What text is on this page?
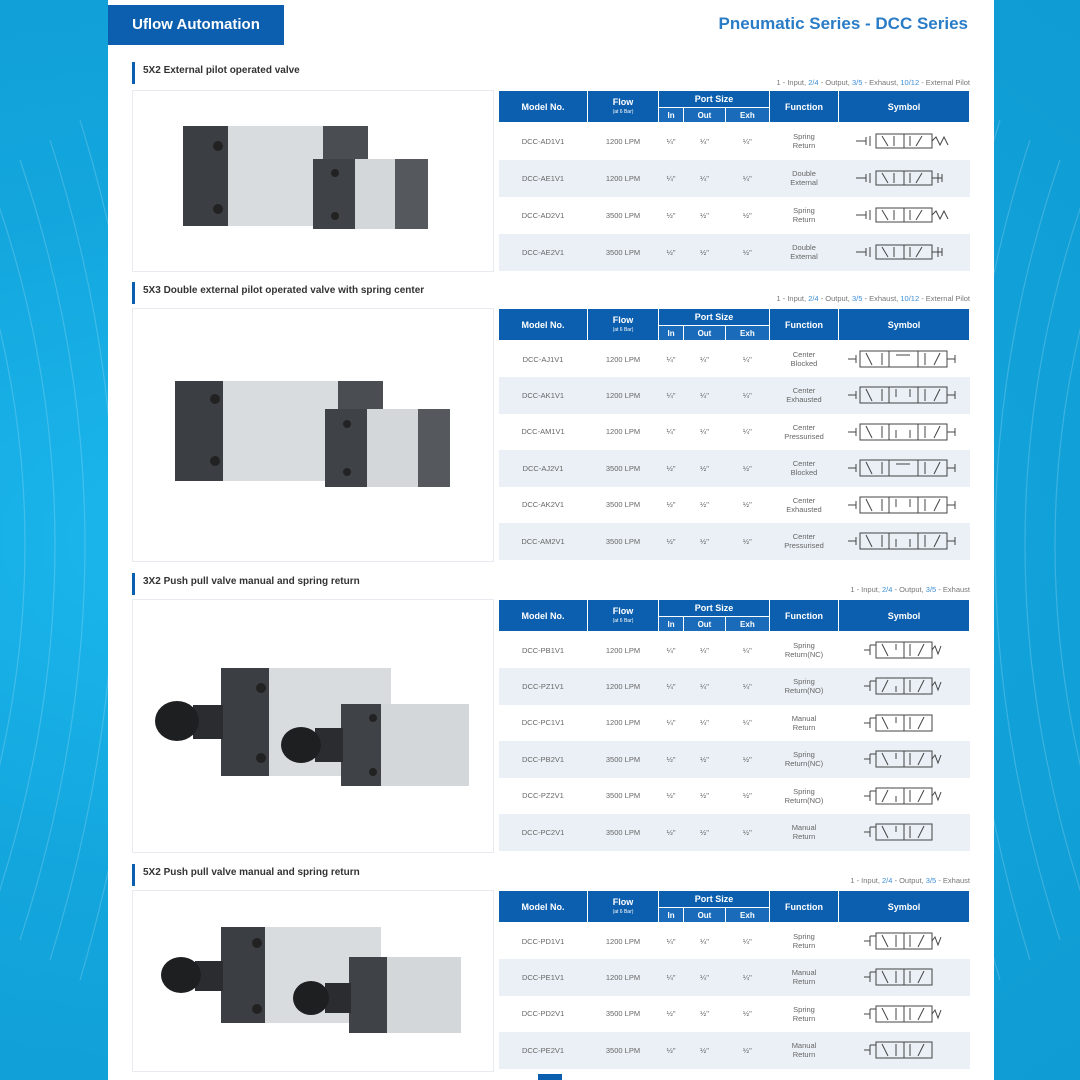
Uflow Automation	Pneumatic Series - DCC Series
5X2 External pilot operated valve
1 - Input, 2/4 - Output, 3/5 - Exhaust, 10/12 - External Pilot
Model No.	Flow
(at 6 Bar)	Port Size			Function	Symbol
		In	Out	Exh		
DCC-AD1V1	1200 LPM	¼"	¼"	¼"	Spring
Return

DCC-AE1V1	1200 LPM	¼"	¼"	¼"	Double
External

DCC-AD2V1	3500 LPM	½"	½"	½"	Spring
Return

DCC-AE2V1	3500 LPM	½"	½"	½"	Double
External

5X3 Double external pilot operated valve with spring center
1 - Input, 2/4 - Output, 3/5 - Exhaust, 10/12 - External Pilot
Model No.	Flow
(at 6 Bar)	Port Size			Function	Symbol
		In	Out	Exh		
DCC-AJ1V1	1200 LPM	¼"	¼"	¼"	Center
Blocked

DCC-AK1V1	1200 LPM	¼"	¼"	¼"	Center
Exhausted

DCC-AM1V1	1200 LPM	¼"	¼"	¼"	Center
Pressurised

DCC-AJ2V1	3500 LPM	½"	½"	½"	Center
Blocked

DCC-AK2V1	3500 LPM	½"	½"	½"	Center
Exhausted

DCC-AM2V1	3500 LPM	½"	½"	½"	Center
Pressurised

3X2 Push pull valve manual and spring return
1 - Input, 2/4 - Output, 3/5 - Exhaust
Model No.	Flow
(at 6 Bar)	Port Size			Function	Symbol
		In	Out	Exh		
DCC-PB1V1	1200 LPM	¼"	¼"	¼"	Spring
Return(NC)

DCC-PZ1V1	1200 LPM	¼"	¼"	¼"	Spring
Return(NO)

DCC-PC1V1	1200 LPM	¼"	¼"	¼"	Manual
Return

DCC-PB2V1	3500 LPM	½"	½"	½"	Spring
Return(NC)

DCC-PZ2V1	3500 LPM	½"	½"	½"	Spring
Return(NO)

DCC-PC2V1	3500 LPM	½"	½"	½"	Manual
Return

5X2 Push pull valve manual and spring return
1 - Input, 2/4 - Output, 3/5 - Exhaust
Model No.	Flow
(at 6 Bar)	Port Size			Function	Symbol
		In	Out	Exh		
DCC-PD1V1	1200 LPM	¼"	¼"	¼"	Spring
Return

DCC-PE1V1	1200 LPM	¼"	¼"	¼"	Manual
Return

DCC-PD2V1	3500 LPM	½"	½"	½"	Spring
Return

DCC-PE2V1	3500 LPM	½"	½"	½"	Manual
Return
